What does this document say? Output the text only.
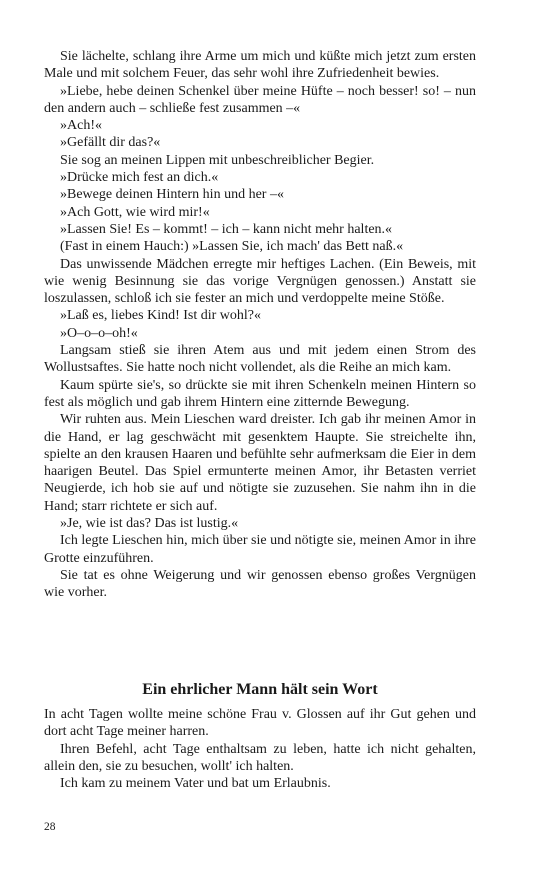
Sie lächelte, schlang ihre Arme um mich und küßte mich jetzt zum ersten Male und mit solchem Feuer, das sehr wohl ihre Zufriedenheit bewies.

»Liebe, hebe deinen Schenkel über meine Hüfte – noch besser! so! – nun den andern auch – schließe fest zusammen –«

»Ach!«

»Gefällt dir das?«

Sie sog an meinen Lippen mit unbeschreiblicher Begier.

»Drücke mich fest an dich.«

»Bewege deinen Hintern hin und her –«

»Ach Gott, wie wird mir!«

»Lassen Sie! Es – kommt! – ich – kann nicht mehr halten.«

(Fast in einem Hauch:) »Lassen Sie, ich mach' das Bett naß.«

Das unwissende Mädchen erregte mir heftiges Lachen. (Ein Beweis, mit wie wenig Besinnung sie das vorige Vergnügen genossen.) Anstatt sie loszulassen, schloß ich sie fester an mich und verdoppelte meine Stöße.

»Laß es, liebes Kind! Ist dir wohl?«

»O–o–o–oh!«

Langsam stieß sie ihren Atem aus und mit jedem einen Strom des Wollustsaftes. Sie hatte noch nicht vollendet, als die Reihe an mich kam.

Kaum spürte sie's, so drückte sie mit ihren Schenkeln meinen Hintern so fest als möglich und gab ihrem Hintern eine zitternde Bewegung.

Wir ruhten aus. Mein Lieschen ward dreister. Ich gab ihr meinen Amor in die Hand, er lag geschwächt mit gesenktem Haupte. Sie streichelte ihn, spielte an den krausen Haaren und befühlte sehr aufmerksam die Eier in dem haarigen Beutel. Das Spiel ermunterte meinen Amor, ihr Betasten verriet Neugierde, ich hob sie auf und nötigte sie zuzusehen. Sie nahm ihn in die Hand; starr richtete er sich auf.

»Je, wie ist das? Das ist lustig.«

Ich legte Lieschen hin, mich über sie und nötigte sie, meinen Amor in ihre Grotte einzuführen.

Sie tat es ohne Weigerung und wir genossen ebenso großes Vergnügen wie vorher.

Ein ehrlicher Mann hält sein Wort

In acht Tagen wollte meine schöne Frau v. Glossen auf ihr Gut gehen und dort acht Tage meiner harren.

Ihren Befehl, acht Tage enthaltsam zu leben, hatte ich nicht gehalten, allein den, sie zu besuchen, wollt' ich halten.

Ich kam zu meinem Vater und bat um Erlaubnis.

28
